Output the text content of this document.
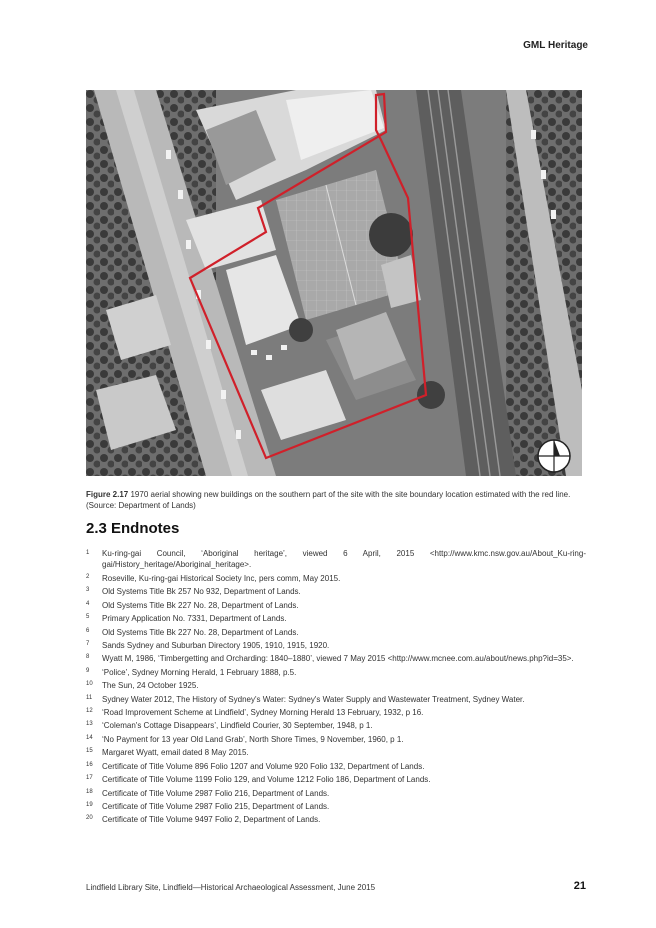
GML Heritage
Figure 2.17 1970 aerial showing new buildings on the southern part of the site with the site boundary location estimated with the red line.
(Source: Department of Lands)
2.3 Endnotes
1	Ku-ring-gai Council, ‘Aboriginal heritage’, viewed 6 April, 2015 <http://www.kmc.nsw.gov.au/About_Ku-ring-gai/History_heritage/Aboriginal_heritage>.
2	Roseville, Ku-ring-gai Historical Society Inc, pers comm, May 2015.
3	Old Systems Title Bk 257 No 932, Department of Lands.
4	Old Systems Title Bk 227 No. 28, Department of Lands.
5	Primary Application No. 7331, Department of Lands.
6	Old Systems Title Bk 227 No. 28, Department of Lands.
7	Sands Sydney and Suburban Directory 1905, 1910, 1915, 1920.
8	Wyatt M, 1986, ‘Timbergetting and Orcharding: 1840–1880’, viewed 7 May 2015 <http://www.mcnee.com.au/about/news.php?id=35>.
9	‘Police’, Sydney Morning Herald, 1 February 1888, p.5.
10	The Sun, 24 October 1925.
11	Sydney Water 2012, The History of Sydney's Water: Sydney's Water Supply and Wastewater Treatment, Sydney Water.
12	‘Road Improvement Scheme at Lindfield’, Sydney Morning Herald 13 February, 1932, p 16.
13	‘Coleman's Cottage Disappears’, Lindfield Courier, 30 September, 1948, p 1.
14	‘No Payment for 13 year Old Land Grab’, North Shore Times, 9 November, 1960, p 1.
15	Margaret Wyatt, email dated 8 May 2015.
16	Certificate of Title Volume 896 Folio 1207 and Volume 920 Folio 132, Department of Lands.
17	Certificate of Title Volume 1199 Folio 129, and Volume 1212 Folio 186, Department of Lands.
18	Certificate of Title Volume 2987 Folio 216, Department of Lands.
19	Certificate of Title Volume 2987 Folio 215, Department of Lands.
20	Certificate of Title Volume 9497 Folio 2, Department of Lands.
Lindfield Library Site, Lindfield—Historical Archaeological Assessment, June 2015	21
